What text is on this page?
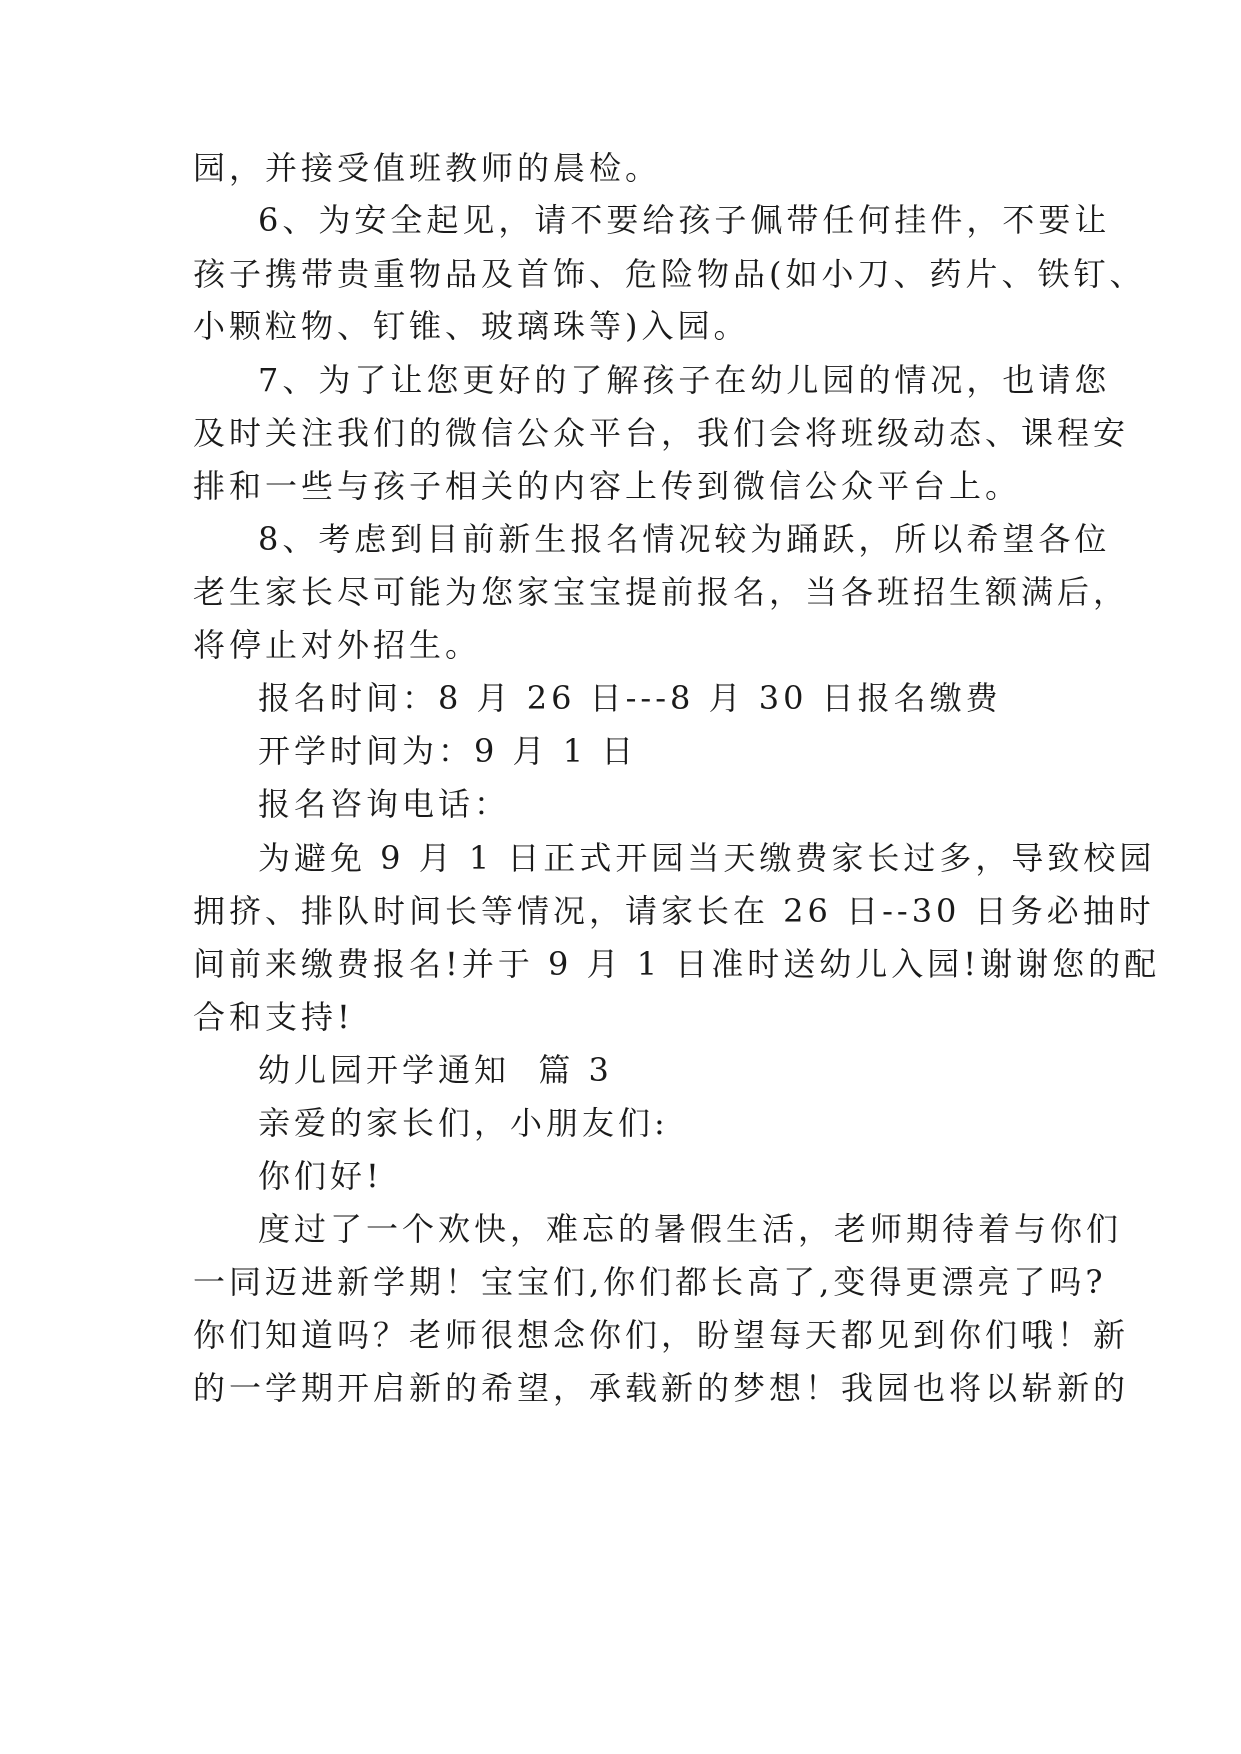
园，并接受值班教师的晨检。
6、为安全起见，请不要给孩子佩带任何挂件，不要让
孩子携带贵重物品及首饰、危险物品(如小刀、药片、铁钉、
小颗粒物、钉锥、玻璃珠等)入园。
7、为了让您更好的了解孩子在幼儿园的情况，也请您
及时关注我们的微信公众平台，我们会将班级动态、课程安
排和一些与孩子相关的内容上传到微信公众平台上。
8、考虑到目前新生报名情况较为踊跃，所以希望各位
老生家长尽可能为您家宝宝提前报名，当各班招生额满后，
将停止对外招生。
报名时间：8 月 26 日---8 月 30 日报名缴费
开学时间为：9 月 1 日
报名咨询电话：
为避免 9 月 1 日正式开园当天缴费家长过多，导致校园
拥挤、排队时间长等情况，请家长在 26 日--30 日务必抽时
间前来缴费报名!并于 9 月 1 日准时送幼儿入园!谢谢您的配
合和支持!
幼儿园开学通知  篇 3
亲爱的家长们，小朋友们:
你们好!
度过了一个欢快，难忘的暑假生活，老师期待着与你们
一同迈进新学期！宝宝们,你们都长高了,变得更漂亮了吗?
你们知道吗？老师很想念你们，盼望每天都见到你们哦！新
的一学期开启新的希望，承载新的梦想！我园也将以崭新的
